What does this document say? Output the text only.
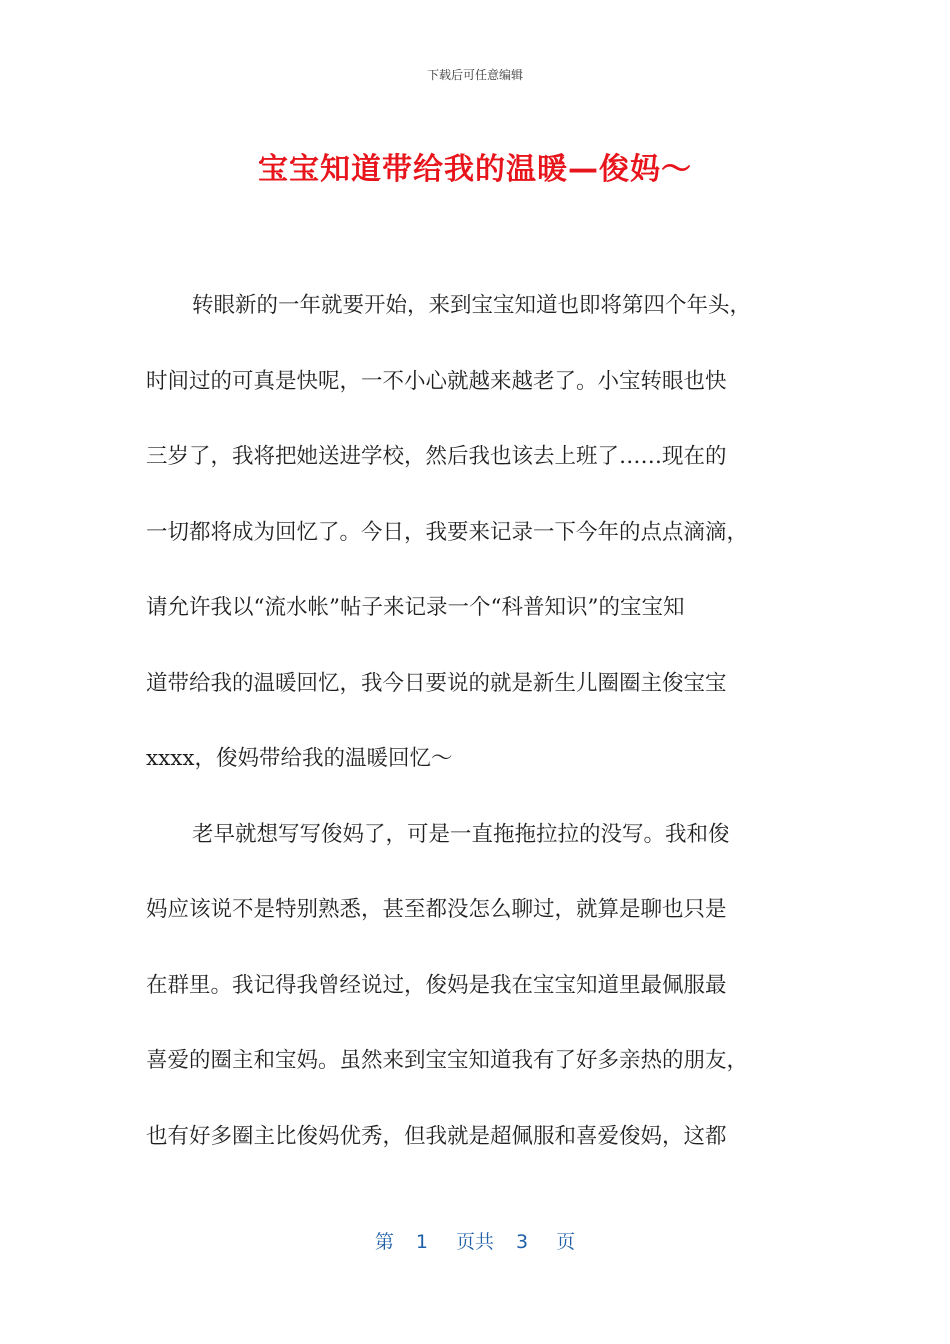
下载后可任意编辑
宝宝知道带给我的温暖—俊妈～
转眼新的一年就要开始，来到宝宝知道也即将第四个年头，
时间过的可真是快呢，一不小心就越来越老了。小宝转眼也快
三岁了，我将把她送进学校，然后我也该去上班了……现在的
一切都将成为回忆了。今日，我要来记录一下今年的点点滴滴，
请允许我以“流水帐”帖子来记录一个“科普知识”的宝宝知
道带给我的温暖回忆，我今日要说的就是新生儿圈圈主俊宝宝
xxxx，俊妈带给我的温暖回忆～
老早就想写写俊妈了，可是一直拖拖拉拉的没写。我和俊
妈应该说不是特别熟悉，甚至都没怎么聊过，就算是聊也只是
在群里。我记得我曾经说过，俊妈是我在宝宝知道里最佩服最
喜爱的圈主和宝妈。虽然来到宝宝知道我有了好多亲热的朋友，
也有好多圈主比俊妈优秀，但我就是超佩服和喜爱俊妈，这都
第 1 页共 3 页
